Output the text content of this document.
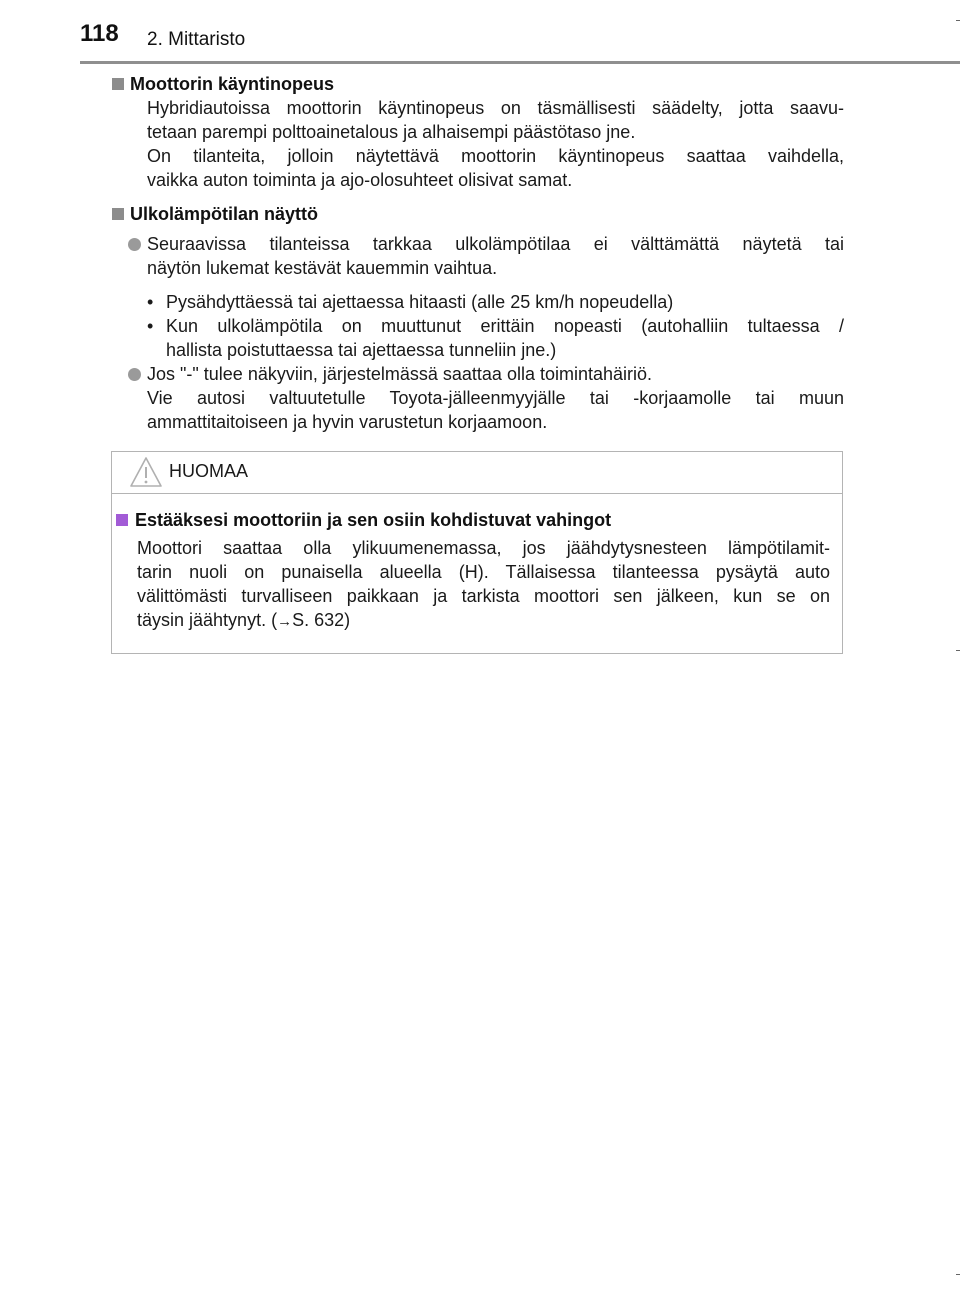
118 2. Mittaristo
Moottorin käyntinopeus
Hybridiautoissa moottorin käyntinopeus on täsmällisesti säädelty, jotta saavu-
tetaan parempi polttoainetalous ja alhaisempi päästötaso jne.
On tilanteita, jolloin näytettävä moottorin käyntinopeus saattaa vaihdella,
vaikka auton toiminta ja ajo-olosuhteet olisivat samat.
Ulkolämpötilan näyttö
Seuraavissa tilanteissa tarkkaa ulkolämpötilaa ei välttämättä näytetä tai
näytön lukemat kestävät kauemmin vaihtua.
• Pysähdyttäessä tai ajettaessa hitaasti (alle 25 km/h nopeudella)
• Kun ulkolämpötila on muuttunut erittäin nopeasti (autohalliin tultaessa /
hallista poistuttaessa tai ajettaessa tunneliin jne.)
Jos "-" tulee näkyviin, järjestelmässä saattaa olla toimintahäiriö.
Vie autosi valtuutetulle Toyota-jälleenmyyjälle tai -korjaamolle tai muun
ammattitaitoiseen ja hyvin varustetun korjaamoon.
HUOMAA
Estääksesi moottoriin ja sen osiin kohdistuvat vahingot
Moottori saattaa olla ylikuumenemassa, jos jäähdytysnesteen lämpötilamit-
tarin nuoli on punaisella alueella (H). Tällaisessa tilanteessa pysäytä auto
välittömästi turvalliseen paikkaan ja tarkista moottori sen jälkeen, kun se on
täysin jäähtynyt. (→S. 632)
